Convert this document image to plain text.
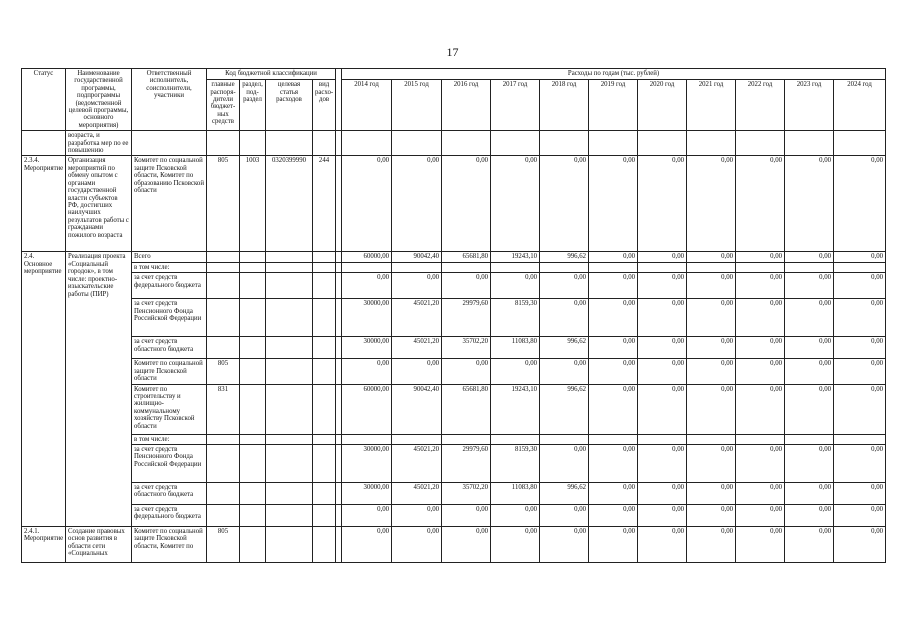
17
Статус	Наименование государственной программы, подпрограммы (ведомственной целевой программы, основного мероприятия)	Ответственный исполнитель, соисполнители, участники	Код бюджетной классификации					Расходы по годам (тыс. рублей)										
			главные распоря-дители бюджет-ных средств	раздел, под-раздел	целевая статья расходов	вид расхо-дов		2014 год	2015 год	2016 год	2017 год	2018 год	2019 год	2020 год	2021 год	2022 год	2023 год	2024 год
	возраста, и разработка мер по ее повышению																	
2.3.4. Мероприятие	Организация мероприятий по обмену опытом с органами государственной власти субъектов РФ, достигших наилучших результатов работы с гражданами пожилого возраста	Комитет по социальной защите Псковской области, Комитет по образованию Псковской области	805	1003	0320399990	244		0,00	0,00	0,00	0,00	0,00	0,00	0,00	0,00	0,00	0,00	0,00
2.4. Основное мероприятие	Реализация проекта «Социальный городок», в том числе: проектно-изыскательские работы (ПИР)	Всего						60000,00	90042,40	65681,80	19243,10	996,62	0,00	0,00	0,00	0,00	0,00	0,00
		в том числе:																
		за счет средств федерального бюджета						0,00	0,00	0,00	0,00	0,00	0,00	0,00	0,00	0,00	0,00	0,00
		за счет средств Пенсионного Фонда Российской Федерации						30000,00	45021,20	29979,60	8159,30	0,00	0,00	0,00	0,00	0,00	0,00	0,00
		за счет средств областного бюджета						30000,00	45021,20	35702,20	11083,80	996,62	0,00	0,00	0,00	0,00	0,00	0,00
		Комитет по социальной защите Псковской области	805					0,00	0,00	0,00	0,00	0,00	0,00	0,00	0,00	0,00	0,00	0,00
		Комитет по строительству и жилищно-коммунальному хозяйству Псковской области	831					60000,00	90042,40	65681,80	19243,10	996,62	0,00	0,00	0,00	0,00	0,00	0,00
		в том числе:																
		за счет средств Пенсионного Фонда Российской Федерации						30000,00	45021,20	29979,60	8159,30	0,00	0,00	0,00	0,00	0,00	0,00	0,00
		за счет средств областного бюджета						30000,00	45021,20	35702,20	11083,80	996,62	0,00	0,00	0,00	0,00	0,00	0,00
		за счет средств федерального бюджета						0,00	0,00	0,00	0,00	0,00	0,00	0,00	0,00	0,00	0,00	0,00
2.4.1. Мероприятие	Создание правовых основ развития в области сети «Социальных	Комитет по социальной защите Псковской области, Комитет по	805					0,00	0,00	0,00	0,00	0,00	0,00	0,00	0,00	0,00	0,00	0,00
